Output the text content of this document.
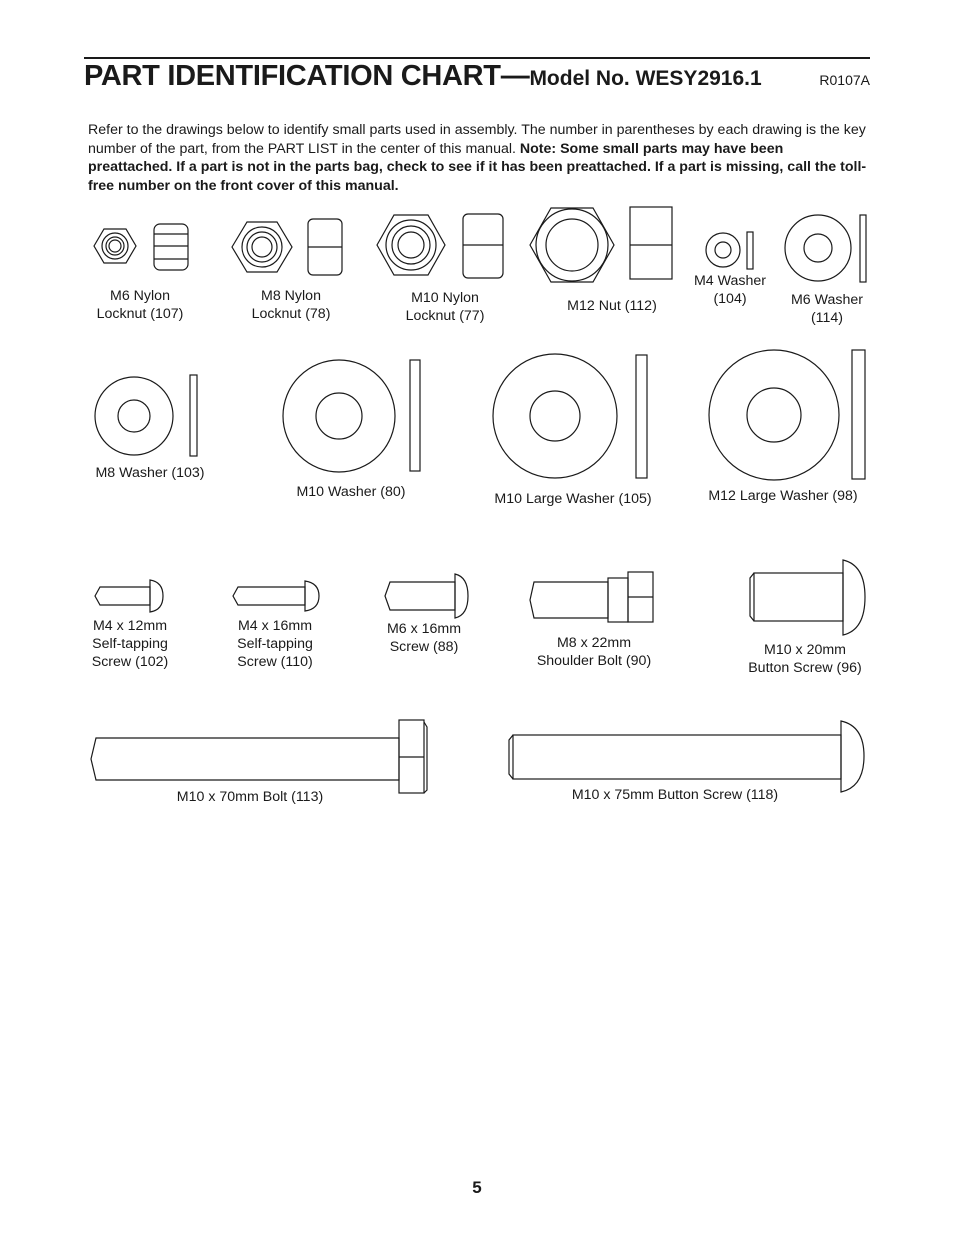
PART IDENTIFICATION CHART—Model No. WESY2916.1	R0107A
Refer to the drawings below to identify small parts used in assembly. The number in parentheses by each drawing is the key number of the part, from the PART LIST in the center of this manual. Note: Some small parts may have been preattached. If a part is not in the parts bag, check to see if it has been preattached. If a part is missing, call the toll-free number on the front cover of this manual.
M6 Nylon
Locknut (107)
M8 Nylon
Locknut (78)
M10 Nylon
Locknut (77)
M12 Nut (112)
M4 Washer
(104)	M6 Washer
(114)
M8 Washer (103)
M10 Washer (80)	M10 Large Washer (105)	M12 Large Washer (98)
M4 x 12mm
Self-tapping
Screw (102)
M4 x 16mm
Self-tapping
Screw (110)
M6 x 16mm
Screw (88)	M8 x 22mm
Shoulder Bolt (90)
M10 x 20mm
Button Screw (96)
M10 x 70mm Bolt (113)	M10 x 75mm Button Screw (118)
5
